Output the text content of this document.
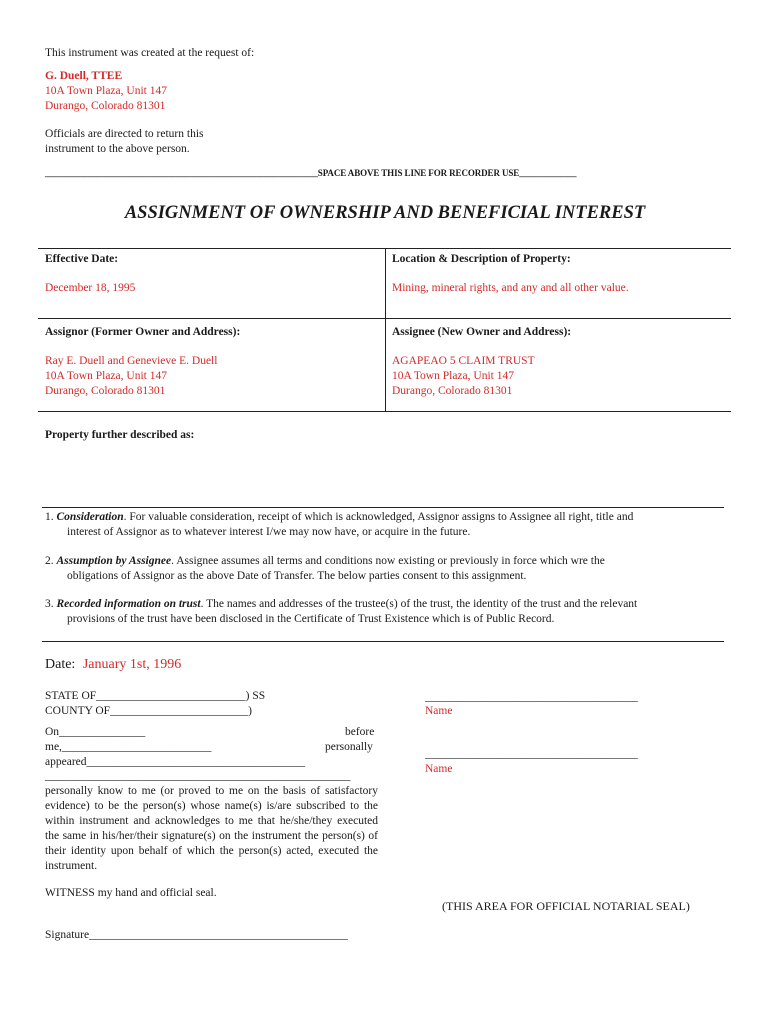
This instrument was created at the request of:
G. Duell, TTEE
10A Town Plaza, Unit 147
Durango, Colorado 81301
Officials are directed to return this
instrument to the above person.
______________________________________________________________SPACE ABOVE THIS LINE FOR RECORDER USE_____________
ASSIGNMENT OF OWNERSHIP AND BENEFICIAL INTEREST
Effective Date:
December 18, 1995
Location & Description of Property:
Mining, mineral rights, and any and all other value.
Assignor (Former Owner and Address):
Ray E. Duell and Genevieve E. Duell
10A Town Plaza, Unit 147
Durango, Colorado 81301
Assignee (New Owner and Address):
AGAPEAO 5 CLAIM TRUST
10A Town Plaza, Unit 147
Durango, Colorado 81301
Property further described as:
1. Consideration. For valuable consideration, receipt of which is acknowledged, Assignor assigns to Assignee all right, title and
interest of Assignor as to whatever interest I/we may now have, or acquire in the future.
2. Assumption by Assignee. Assignee assumes all terms and conditions now existing or previously in force which wre the
obligations of Assignor as the above Date of Transfer. The below parties consent to this assignment.
3. Recorded information on trust. The names and addresses of the trustee(s) of the trust, the identity of the trust and the relevant
provisions of the trust have been disclosed in the Certificate of Trust Existence which is of Public Record.
Date: January 1st, 1996
STATE OF__________________________) SS
COUNTY OF________________________)
On_______________	before
me,__________________________	personally
appeared______________________________________
_______________________________________________________
personally know to me (or proved to me on the basis of satisfactory evidence) to be the person(s) whose name(s) is/are subscribed to the within instrument and acknowledges to me that he/she/they executed the same in his/her/their signature(s) on the instrument the person(s) of their identity upon behalf of which the person(s) acted, executed the instrument.
WITNESS my hand and official seal.
Signature_____________________________________________
_____________________________________
Name
_____________________________________
Name
(THIS AREA FOR OFFICIAL NOTARIAL SEAL)
